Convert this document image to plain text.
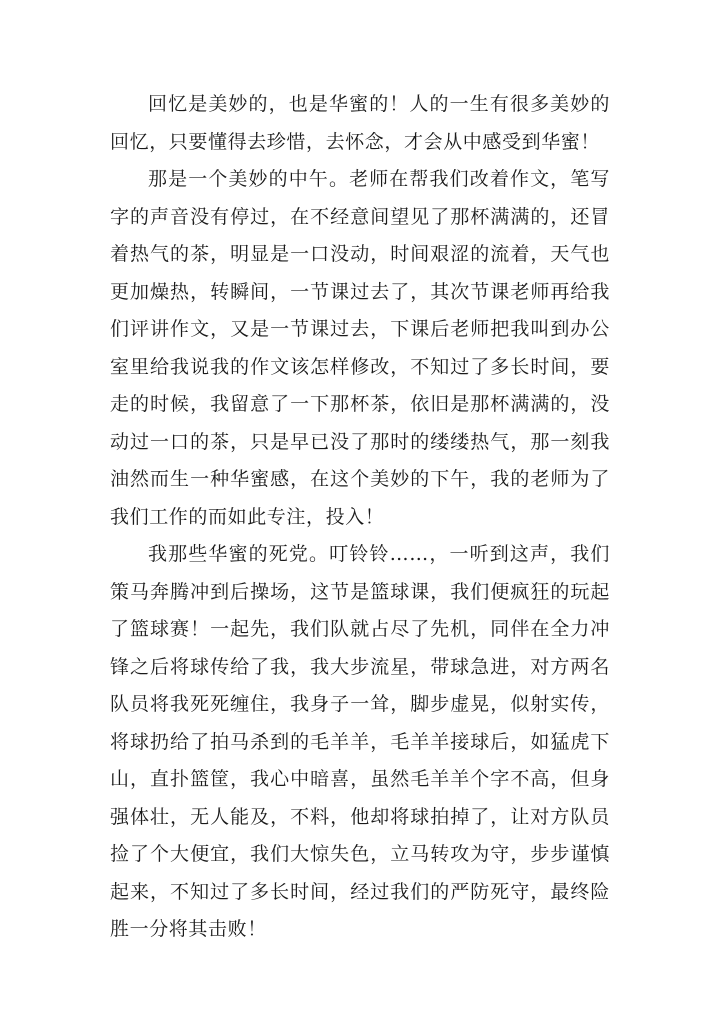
回忆是美妙的，也是华蜜的！人的一生有很多美妙的回忆，只要懂得去珍惜，去怀念，才会从中感受到华蜜！

那是一个美妙的中午。老师在帮我们改着作文，笔写字的声音没有停过，在不经意间望见了那杯满满的，还冒着热气的茶，明显是一口没动，时间艰涩的流着，天气也更加燥热，转瞬间，一节课过去了，其次节课老师再给我们评讲作文，又是一节课过去，下课后老师把我叫到办公室里给我说我的作文该怎样修改，不知过了多长时间，要走的时候，我留意了一下那杯茶，依旧是那杯满满的，没动过一口的茶，只是早已没了那时的缕缕热气，那一刻我油然而生一种华蜜感，在这个美妙的下午，我的老师为了我们工作的而如此专注，投入！

我那些华蜜的死党。叮铃铃……，一听到这声，我们策马奔腾冲到后操场，这节是篮球课，我们便疯狂的玩起了篮球赛！一起先，我们队就占尽了先机，同伴在全力冲锋之后将球传给了我，我大步流星，带球急进，对方两名队员将我死死缠住，我身子一耸，脚步虚晃，似射实传，将球扔给了拍马杀到的毛羊羊，毛羊羊接球后，如猛虎下山，直扑篮筐，我心中暗喜，虽然毛羊羊个字不高，但身强体壮，无人能及，不料，他却将球拍掉了，让对方队员捡了个大便宜，我们大惊失色，立马转攻为守，步步谨慎起来，不知过了多长时间，经过我们的严防死守，最终险胜一分将其击败！
